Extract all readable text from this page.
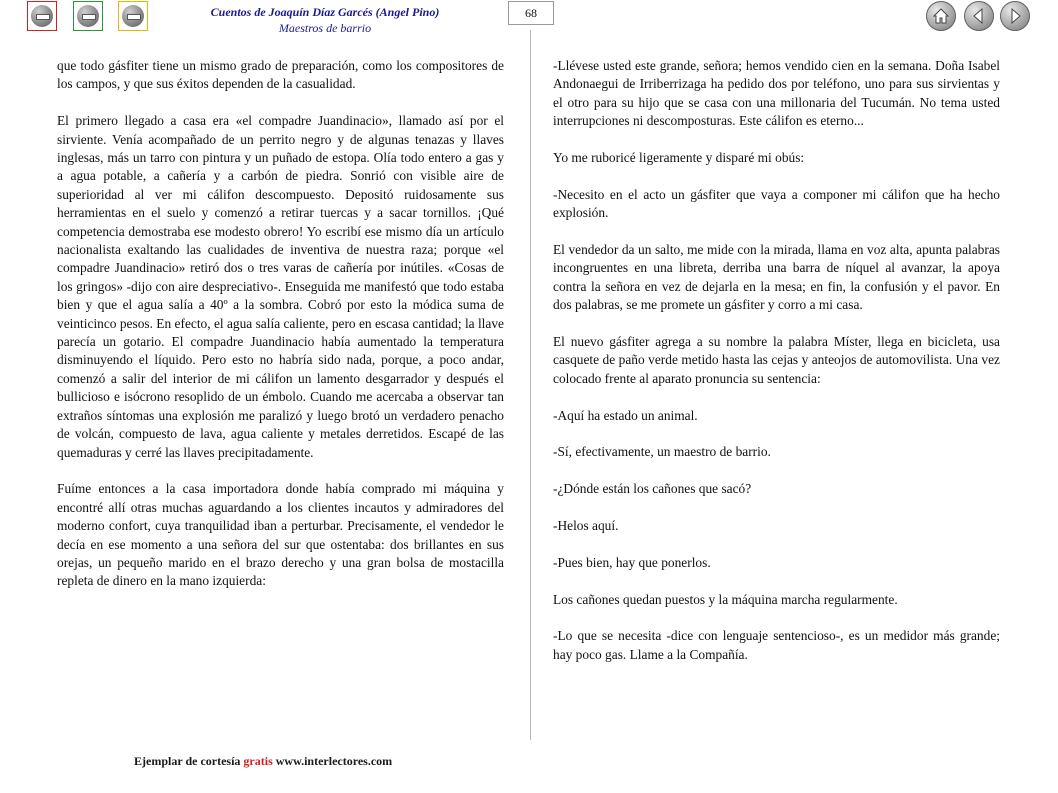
Cuentos de Joaquín Díaz Garcés (Angel Pino)
Maestros de barrio
68

que todo gásfiter tiene un mismo grado de preparación, como los compositores de los campos, y que sus éxitos dependen de la casualidad.

El primero llegado a casa era «el compadre Juandinacio», llamado así por el sirviente. Venía acompañado de un perrito negro y de algunas tenazas y llaves inglesas, más un tarro con pintura y un puñado de estopa. Olía todo entero a gas y a agua potable, a cañería y a carbón de piedra. Sonrió con visible aire de superioridad al ver mi cálifon descompuesto. Depositó ruidosamente sus herramientas en el suelo y comenzó a retirar tuercas y a sacar tornillos. ¡Qué competencia demostraba ese modesto obrero! Yo escribí ese mismo día un artículo nacionalista exaltando las cualidades de inventiva de nuestra raza; porque «el compadre Juandinacio» retiró dos o tres varas de cañería por inútiles. «Cosas de los gringos» -dijo con aire despreciativo-. Enseguida me manifestó que todo estaba bien y que el agua salía a 40º a la sombra. Cobró por esto la módica suma de veinticinco pesos. En efecto, el agua salía caliente, pero en escasa cantidad; la llave parecía un gotario. El compadre Juandinacio había aumentado la temperatura disminuyendo el líquido. Pero esto no habría sido nada, porque, a poco andar, comenzó a salir del interior de mi cálifon un lamento desgarrador y después el bullicioso e isócrono resoplido de un émbolo. Cuando me acercaba a observar tan extraños síntomas una explosión me paralizó y luego brotó un verdadero penacho de volcán, compuesto de lava, agua caliente y metales derretidos. Escapé de las quemaduras y cerré las llaves precipitadamente.

Fuíme entonces a la casa importadora donde había comprado mi máquina y encontré allí otras muchas aguardando a los clientes incautos y admiradores del moderno confort, cuya tranquilidad iban a perturbar. Precisamente, el vendedor le decía en ese momento a una señora del sur que ostentaba: dos brillantes en sus orejas, un pequeño marido en el brazo derecho y una gran bolsa de mostacilla repleta de dinero en la mano izquierda:

-Llévese usted este grande, señora; hemos vendido cien en la semana. Doña Isabel Andonaegui de Irriberrizaga ha pedido dos por teléfono, uno para sus sirvientas y el otro para su hijo que se casa con una millonaria del Tucumán. No tema usted interrupciones ni descomposturas. Este cálifon es eterno...

Yo me ruboricé ligeramente y disparé mi obús:

-Necesito en el acto un gásfiter que vaya a componer mi cálifon que ha hecho explosión.

El vendedor da un salto, me mide con la mirada, llama en voz alta, apunta palabras incongruentes en una libreta, derriba una barra de níquel al avanzar, la apoya contra la señora en vez de dejarla en la mesa; en fin, la confusión y el pavor. En dos palabras, se me promete un gásfiter y corro a mi casa.

El nuevo gásfiter agrega a su nombre la palabra Míster, llega en bicicleta, usa casquete de paño verde metido hasta las cejas y anteojos de automovilista. Una vez colocado frente al aparato pronuncia su sentencia:

-Aquí ha estado un animal.

-Sí, efectivamente, un maestro de barrio.

-¿Dónde están los cañones que sacó?

-Helos aquí.

-Pues bien, hay que ponerlos.

Los cañones quedan puestos y la máquina marcha regularmente.

-Lo que se necesita -dice con lenguaje sentencioso-, es un medidor más grande; hay poco gas. Llame a la Compañía.

Ejemplar de cortesía gratis www.interlectores.com
